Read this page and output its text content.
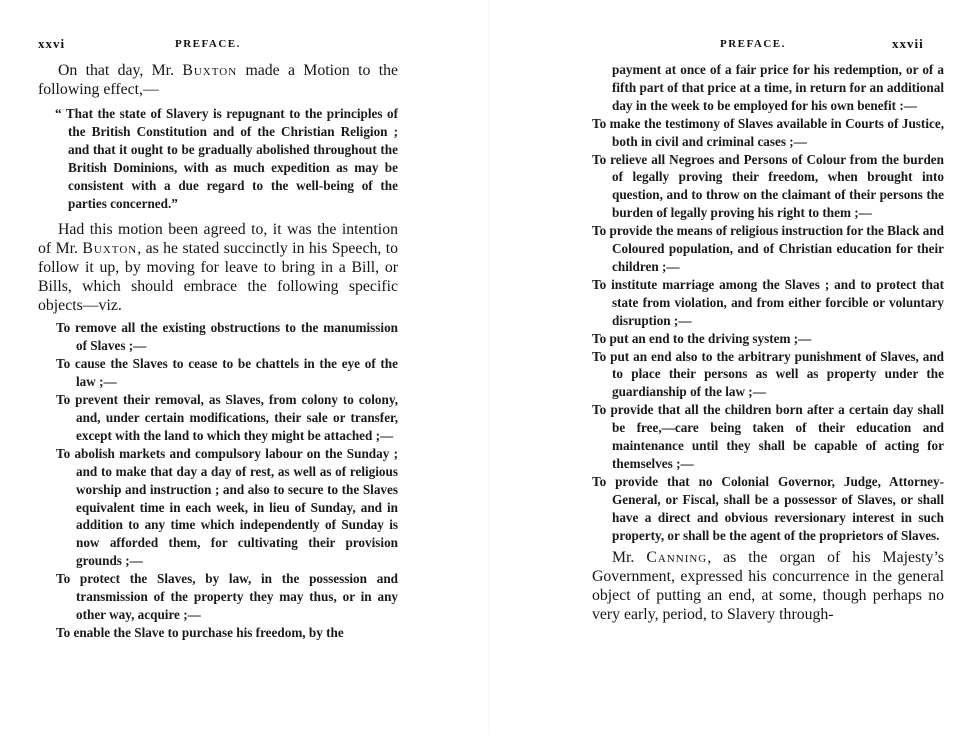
xxvi	PREFACE.

On that day, Mr. Buxton made a Motion to the following effect,—

“ That the state of Slavery is repugnant to the principles of the British Constitution and of the Christian Religion ; and that it ought to be gradually abolished throughout the British Dominions, with as much expedition as may be consistent with a due regard to the well-being of the parties concerned.”

Had this motion been agreed to, it was the intention of Mr. Buxton, as he stated succinctly in his Speech, to follow it up, by moving for leave to bring in a Bill, or Bills, which should embrace the following specific objects—viz.

To remove all the existing obstructions to the manumission of Slaves ;—

To cause the Slaves to cease to be chattels in the eye of the law ;—

To prevent their removal, as Slaves, from colony to colony, and, under certain modifications, their sale or transfer, except with the land to which they might be attached ;—

To abolish markets and compulsory labour on the Sunday ; and to make that day a day of rest, as well as of religious worship and instruction ; and also to secure to the Slaves equivalent time in each week, in lieu of Sunday, and in addition to any time which independently of Sunday is now afforded them, for cultivating their provision grounds ;—

To protect the Slaves, by law, in the possession and transmission of the property they may thus, or in any other way, acquire ;—

To enable the Slave to purchase his freedom, by the

PREFACE.	xxvii

payment at once of a fair price for his redemption, or of a fifth part of that price at a time, in return for an additional day in the week to be employed for his own benefit :—

To make the testimony of Slaves available in Courts of Justice, both in civil and criminal cases ;—

To relieve all Negroes and Persons of Colour from the burden of legally proving their freedom, when brought into question, and to throw on the claimant of their persons the burden of legally proving his right to them ;—

To provide the means of religious instruction for the Black and Coloured population, and of Christian education for their children ;—

To institute marriage among the Slaves ; and to protect that state from violation, and from either forcible or voluntary disruption ;—

To put an end to the driving system ;—

To put an end also to the arbitrary punishment of Slaves, and to place their persons as well as property under the guardianship of the law ;—

To provide that all the children born after a certain day shall be free,—care being taken of their education and maintenance until they shall be capable of acting for themselves ;—

To provide that no Colonial Governor, Judge, Attorney-General, or Fiscal, shall be a possessor of Slaves, or shall have a direct and obvious reversionary interest in such property, or shall be the agent of the proprietors of Slaves.

Mr. Canning, as the organ of his Majesty’s Government, expressed his concurrence in the general object of putting an end, at some, though perhaps no very early, period, to Slavery through-
